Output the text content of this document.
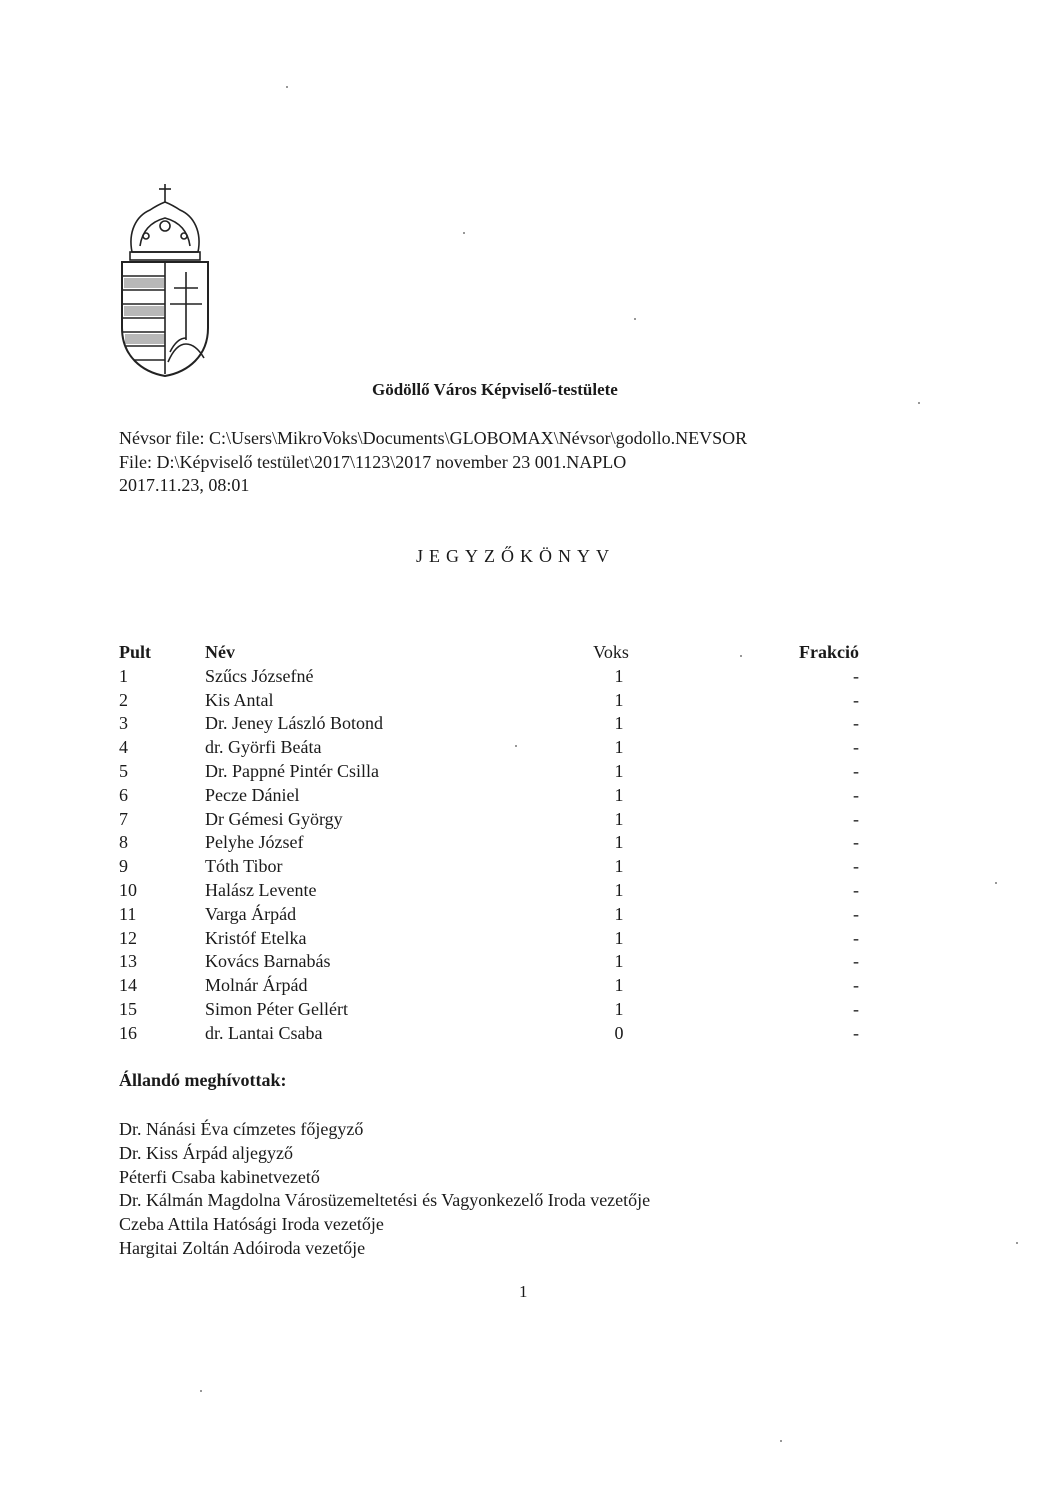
Gödöllő Város Képviselő-testülete
Névsor file: C:\Users\MikroVoks\Documents\GLOBOMAX\Névsor\godollo.NEVSOR
File: D:\Képviselő testület\2017\1123\2017 november 23 001.NAPLO
2017.11.23, 08:01
JEGYZŐKÖNYV
Pult	Név	Voks	Frakció
1	Szűcs Józsefné	1	-
2	Kis Antal	1	-
3	Dr. Jeney László Botond	1	-
4	dr. Györfi Beáta	1	-
5	Dr. Pappné Pintér Csilla	1	-
6	Pecze Dániel	1	-
7	Dr Gémesi György	1	-
8	Pelyhe József	1	-
9	Tóth Tibor	1	-
10	Halász Levente	1	-
11	Varga Árpád	1	-
12	Kristóf Etelka	1	-
13	Kovács Barnabás	1	-
14	Molnár Árpád	1	-
15	Simon Péter Gellért	1	-
16	dr. Lantai Csaba	0	-
Állandó meghívottak:
Dr. Nánási Éva címzetes főjegyző
Dr. Kiss Árpád aljegyző
Péterfi Csaba kabinetvezető
Dr. Kálmán Magdolna Városüzemeltetési és Vagyonkezelő Iroda vezetője
Czeba Attila Hatósági Iroda vezetője
Hargitai Zoltán Adóiroda vezetője
1
